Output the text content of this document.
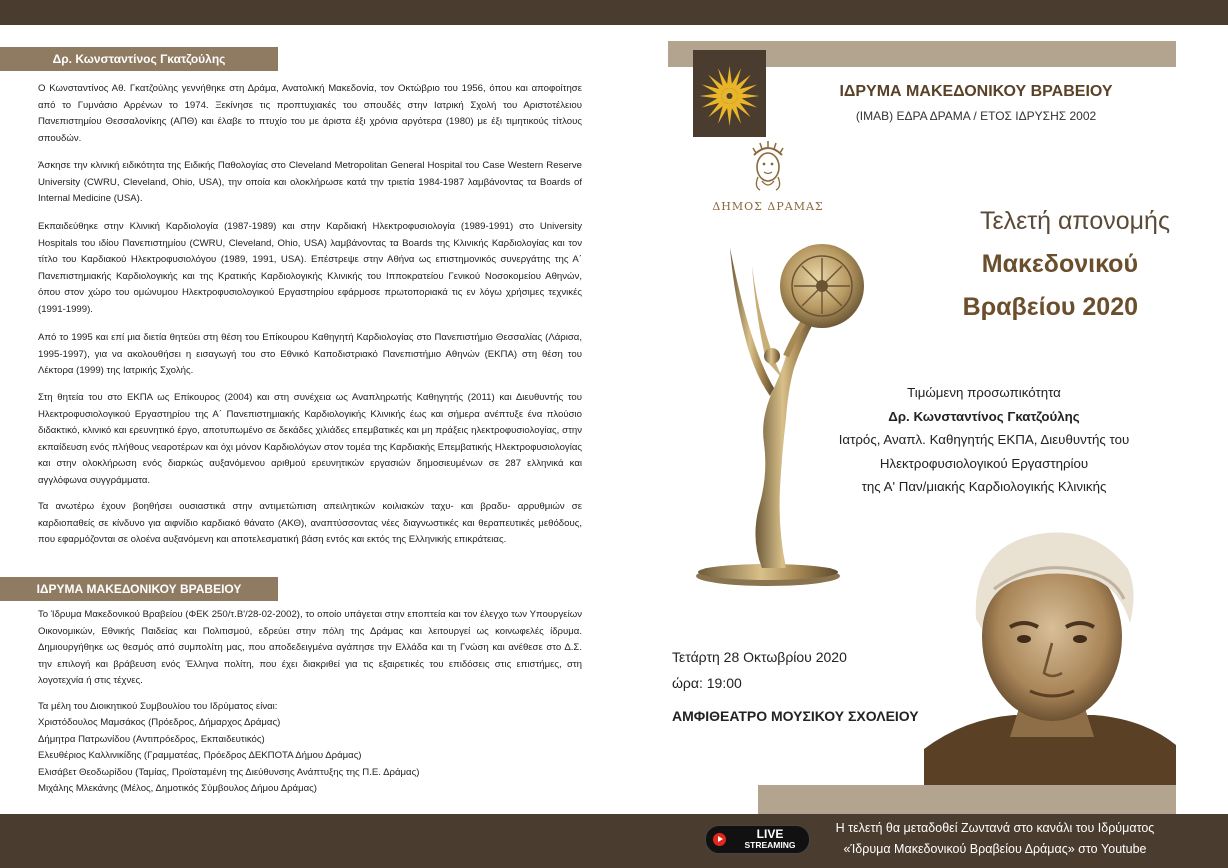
Δρ. Κωνσταντίνος Γκατζούλης

Ο Κωνσταντίνος Αθ. Γκατζούλης γεννήθηκε στη Δράμα, Ανατολική Μακεδονία, τον Οκτώβριο του 1956, όπου και αποφοίτησε από το Γυμνάσιο Αρρένων το 1974. Ξεκίνησε τις προπτυχιακές του σπουδές στην Ιατρική Σχολή του Αριστοτέλειου Πανεπιστημίου Θεσσαλονίκης (ΑΠΘ) και έλαβε το πτυχίο του με άριστα έξι χρόνια αργότερα (1980) με έξι τιμητικούς τίτλους σπουδών.

Άσκησε την κλινική ειδικότητα της Ειδικής Παθολογίας στο Cleveland Metropolitan General Hospital του Case Western Reserve University (CWRU, Cleveland, Ohio, USA), την οποία και ολοκλήρωσε κατά την τριετία 1984-1987 λαμβάνοντας τα Boards of Internal Medicine (USA).

Εκπαιδεύθηκε στην Κλινική Καρδιολογία (1987-1989) και στην Καρδιακή Ηλεκτροφυσιολογία (1989-1991) στο University Hospitals του ιδίου Πανεπιστημίου (CWRU, Cleveland, Ohio, USA) λαμβάνοντας τα Boards της Κλινικής Καρδιολογίας και τον τίτλο του Καρδιακού Ηλεκτροφυσιολόγου (1989, 1991, USA). Επέστρεψε στην Αθήνα ως επιστημονικός συνεργάτης της Α΄ Πανεπιστημιακής Καρδιολογικής και της Κρατικής Καρδιολογικής Κλινικής του Ιπποκρατείου Γενικού Νοσοκομείου Αθηνών, όπου στον χώρο του ομώνυμου Ηλεκτροφυσιολογικού Εργαστηρίου εφάρμοσε πρωτοποριακά τις εν λόγω χρήσιμες τεχνικές (1991-1999).

Από το 1995 και επί μια διετία θητεύει στη θέση του Επίκουρου Καθηγητή Καρδιολογίας στο Πανεπιστήμιο Θεσσαλίας (Λάρισα, 1995-1997), για να ακολουθήσει η εισαγωγή του στο Εθνικό Καποδιστριακό Πανεπιστήμιο Αθηνών (ΕΚΠΑ) στη θέση του Λέκτορα (1999) της Ιατρικής Σχολής.

Στη θητεία του στο ΕΚΠΑ ως Επίκουρος (2004) και στη συνέχεια ως Αναπληρωτής Καθηγητής (2011) και Διευθυντής του Ηλεκτροφυσιολογικού Εργαστηρίου της Α΄ Πανεπιστημιακής Καρδιολογικής Κλινικής έως και σήμερα ανέπτυξε ένα πλούσιο διδακτικό, κλινικό και ερευνητικό έργο, αποτυπωμένο σε δεκάδες χιλιάδες επεμβατικές και μη πράξεις ηλεκτροφυσιολογίας, στην εκπαίδευση ενός πλήθους νεαροτέρων και όχι μόνον Καρδιολόγων στον τομέα της Καρδιακής Επεμβατικής Ηλεκτροφυσιολογίας και στην ολοκλήρωση ενός διαρκώς αυξανόμενου αριθμού ερευνητικών εργασιών δημοσιευμένων σε 287 ελληνικά και αγγλόφωνα συγγράμματα.

Τα ανωτέρω έχουν βοηθήσει ουσιαστικά στην αντιμετώπιση απειλητικών κοιλιακών ταχυ- και βραδυ- αρρυθμιών σε καρδιοπαθείς σε κίνδυνο για αιφνίδιο καρδιακό θάνατο (ΑΚΘ), αναπτύσσοντας νέες διαγνωστικές και θεραπευτικές μεθόδους, που εφαρμόζονται σε ολοένα αυξανόμενη και αποτελεσματική βάση εντός και εκτός της Ελληνικής επικράτειας.

ΙΔΡΥΜΑ ΜΑΚΕΔΟΝΙΚΟΥ ΒΡΑΒΕΙΟΥ

Το Ίδρυμα Μακεδονικού Βραβείου (ΦΕΚ 250/τ.Β'/28-02-2002), το οποίο υπάγεται στην εποπτεία και τον έλεγχο των Υπουργείων Οικονομικών, Εθνικής Παιδείας και Πολιτισμού, εδρεύει στην πόλη της Δράμας και λειτουργεί ως κοινωφελές ίδρυμα. Δημιουργήθηκε ως θεσμός από συμπολίτη μας, που αποδεδειγμένα αγάπησε την Ελλάδα και τη Γνώση και ανέθεσε στο Δ.Σ. την επιλογή και βράβευση ενός Έλληνα πολίτη, που έχει διακριθεί για τις εξαιρετικές του επιδόσεις στις επιστήμες, στη λογοτεχνία ή στις τέχνες.

Τα μέλη του Διοικητικού Συμβουλίου του Ιδρύματος είναι:
Χριστόδουλος Μαμσάκος (Πρόεδρος, Δήμαρχος Δράμας)
Δήμητρα Πατρωνίδου (Αντιπρόεδρος, Εκπαιδευτικός)
Ελευθέριος Καλλινικίδης (Γραμματέας, Πρόεδρος ΔΕΚΠΟΤΑ Δήμου Δράμας)
Ελισάβετ Θεοδωρίδου (Ταμίας, Προϊσταμένη της Διεύθυνσης Ανάπτυξης της Π.Ε. Δράμας)
Μιχάλης Μλεκάνης (Μέλος, Δημοτικός Σύμβουλος Δήμου Δράμας)
ΙΔΡΥΜΑ ΜΑΚΕΔΟΝΙΚΟΥ ΒΡΑΒΕΙΟΥ
(ΙΜΑΒ) ΕΔΡΑ ΔΡΑΜΑ / ΕΤΟΣ ΙΔΡΥΣΗΣ 2002
ΔΗΜΟΣ ΔΡΑΜΑΣ
Τελετή απονομής
Μακεδονικού
Βραβείου 2020
Τιμώμενη προσωπικότητα
Δρ. Κωνσταντίνος Γκατζούλης
Ιατρός, Αναπλ. Καθηγητής ΕΚΠΑ, Διευθυντής του
Ηλεκτροφυσιολογικού Εργαστηρίου
της Α' Παν/μιακής Καρδιολογικής Κλινικής
Τετάρτη 28 Οκτωβρίου 2020
ώρα: 19:00
ΑΜΦΙΘΕΑΤΡΟ ΜΟΥΣΙΚΟΥ ΣΧΟΛΕΙΟΥ
LIVE
STREAMING
Η τελετή θα μεταδοθεί Ζωντανά στο κανάλι του Ιδρύματος
«Ίδρυμα Μακεδονικού Βραβείου Δράμας» στο Youtube
